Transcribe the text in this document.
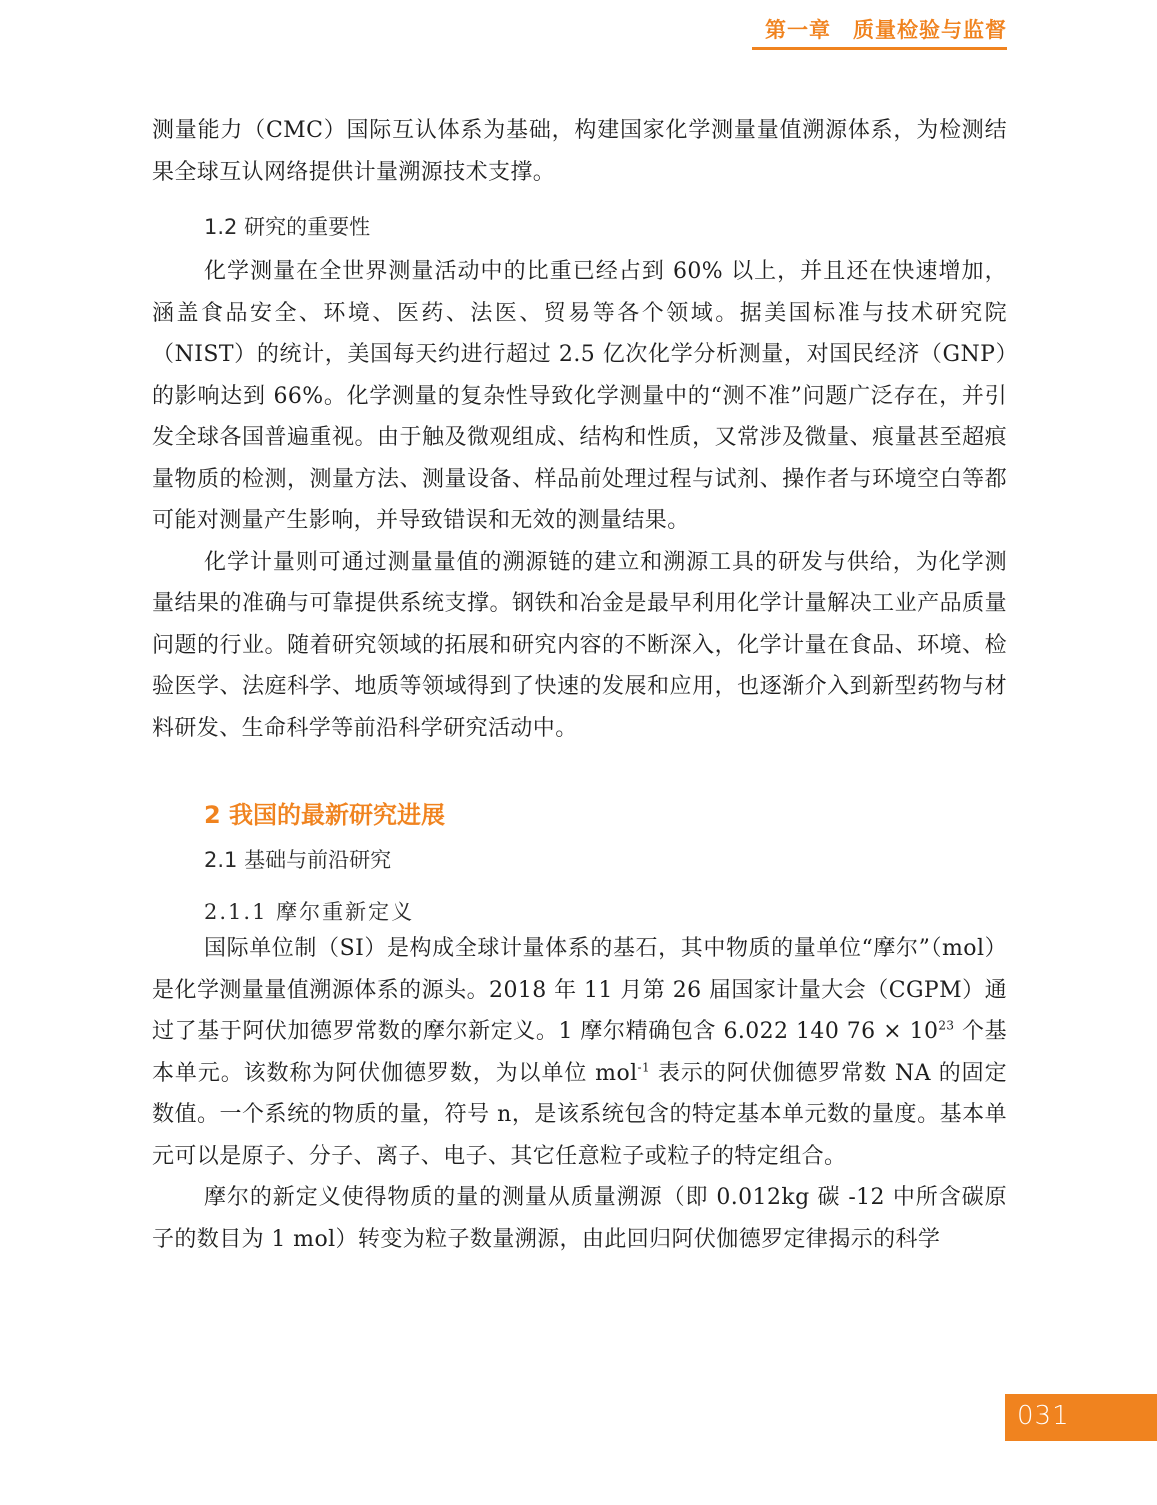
第一章 质量检验与监督

测量能力（CMC）国际互认体系为基础，构建国家化学测量量值溯源体系，为检测结果全球互认网络提供计量溯源技术支撑。

1.2 研究的重要性

化学测量在全世界测量活动中的比重已经占到 60% 以上，并且还在快速增加，涵盖食品安全、环境、医药、法医、贸易等各个领域。据美国标准与技术研究院（NIST）的统计，美国每天约进行超过 2.5 亿次化学分析测量，对国民经济（GNP）的影响达到 66%。化学测量的复杂性导致化学测量中的“测不准”问题广泛存在，并引发全球各国普遍重视。由于触及微观组成、结构和性质，又常涉及微量、痕量甚至超痕量物质的检测，测量方法、测量设备、样品前处理过程与试剂、操作者与环境空白等都可能对测量产生影响，并导致错误和无效的测量结果。

化学计量则可通过测量量值的溯源链的建立和溯源工具的研发与供给，为化学测量结果的准确与可靠提供系统支撑。钢铁和冶金是最早利用化学计量解决工业产品质量问题的行业。随着研究领域的拓展和研究内容的不断深入，化学计量在食品、环境、检验医学、法庭科学、地质等领域得到了快速的发展和应用，也逐渐介入到新型药物与材料研发、生命科学等前沿科学研究活动中。

2 我国的最新研究进展
2.1 基础与前沿研究
2.1.1 摩尔重新定义

国际单位制（SI）是构成全球计量体系的基石，其中物质的量单位“摩尔”（mol）是化学测量量值溯源体系的源头。2018 年 11 月第 26 届国家计量大会（CGPM）通过了基于阿伏加德罗常数的摩尔新定义。1 摩尔精确包含 6.022 140 $76 \times 10^{23}$ 个基本单元。该数称为阿伏伽德罗数，为以单位 mol$^{-1}$ 表示的阿伏伽德罗常数 NA 的固定数值。一个系统的物质的量，符号 n，是该系统包含的特定基本单元数的量度。基本单元可以是原子、分子、离子、电子、其它任意粒子或粒子的特定组合。

摩尔的新定义使得物质的量的测量从质量溯源（即 0.012kg 碳 -12 中所含碳原子的数目为 1 mol）转变为粒子数量溯源，由此回归阿伏伽德罗定律揭示的科学

031
